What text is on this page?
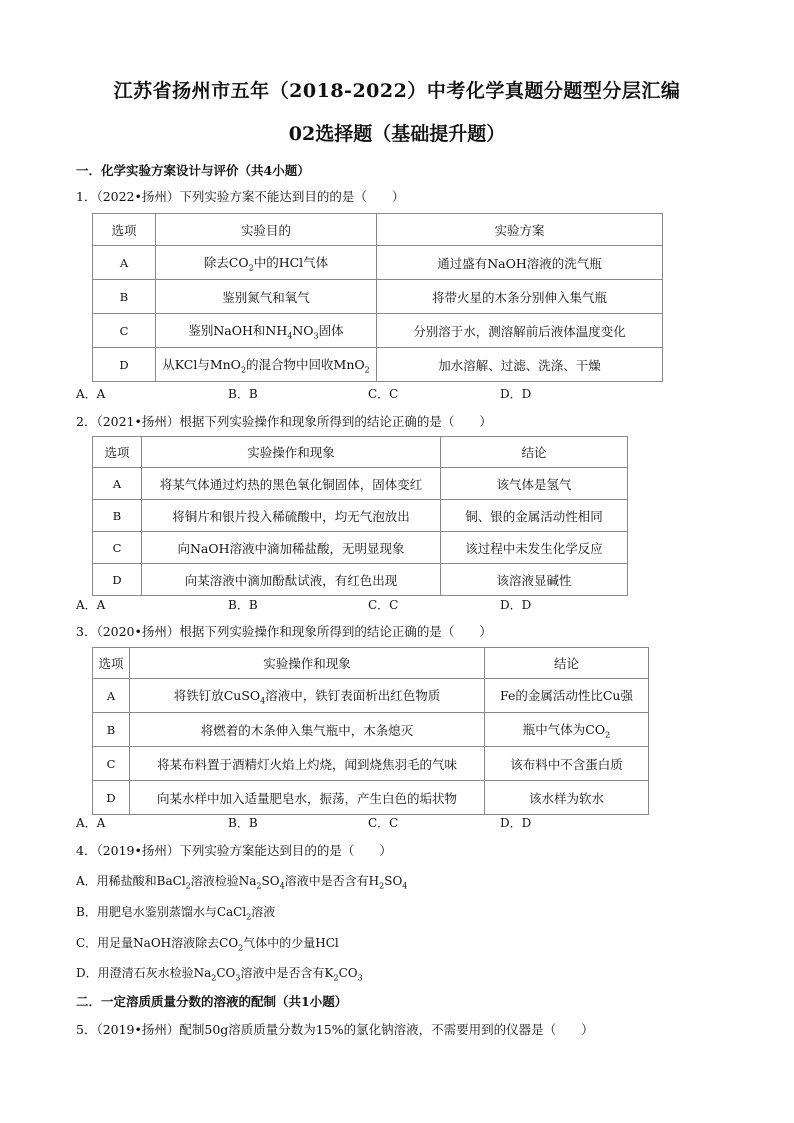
江苏省扬州市五年（2018-2022）中考化学真题分题型分层汇编
02选择题（基础提升题）
一．化学实验方案设计与评价（共4小题）
1．（2022•扬州）下列实验方案不能达到目的的是（　　）
选项	实验目的	实验方案
A	除去$CO_2$中的HCl气体	通过盛有NaOH溶液的洗气瓶
B	鉴别氮气和氧气	将带火星的木条分别伸入集气瓶
C	鉴别NaOH和$NH_4NO_3$固体	分别溶于水，测溶解前后液体温度变化
D	从KCl与MnO$_2$的混合物中回收MnO$_2$	加水溶解、过滤、洗涤、干燥
A．A	B．B	C．C	D．D
2．（2021•扬州）根据下列实验操作和现象所得到的结论正确的是（　　）
选项	实验操作和现象	结论
A	将某气体通过灼热的黑色氧化铜固体，固体变红	该气体是氢气
B	将铜片和银片投入稀硫酸中，均无气泡放出	铜、银的金属活动性相同
C	向NaOH溶液中滴加稀盐酸，无明显现象	该过程中未发生化学反应
D	向某溶液中滴加酚酞试液，有红色出现	该溶液显碱性
A．A	B．B	C．C	D．D
3．（2020•扬州）根据下列实验操作和现象所得到的结论正确的是（　　）
选项	实验操作和现象	结论
A	将铁钉放CuSO$_4$溶液中，铁钉表面析出红色物质	Fe的金属活动性比Cu强
B	将燃着的木条伸入集气瓶中，木条熄灭	瓶中气体为$CO_2$
C	将某布料置于酒精灯火焰上灼烧，闻到烧焦羽毛的气味	该布料中不含蛋白质
D	向某水样中加入适量肥皂水，振荡，产生白色的垢状物	该水样为软水
A．A	B．B	C．C	D．D
4．（2019•扬州）下列实验方案能达到目的的是（　　）
A．用稀盐酸和BaCl$_2$溶液检验$Na_2SO_4$溶液中是否含有$H_2SO_4$
B．用肥皂水鉴别蒸馏水与CaCl$_2$溶液
C．用足量NaOH溶液除去$CO_2$气体中的少量HCl
D．用澄清石灰水检验$Na_2CO_3$溶液中是否含有$K_2CO_3$
二．一定溶质质量分数的溶液的配制（共1小题）
5．（2019•扬州）配制50g溶质质量分数为15%的氯化钠溶液，不需要用到的仪器是（　　）
